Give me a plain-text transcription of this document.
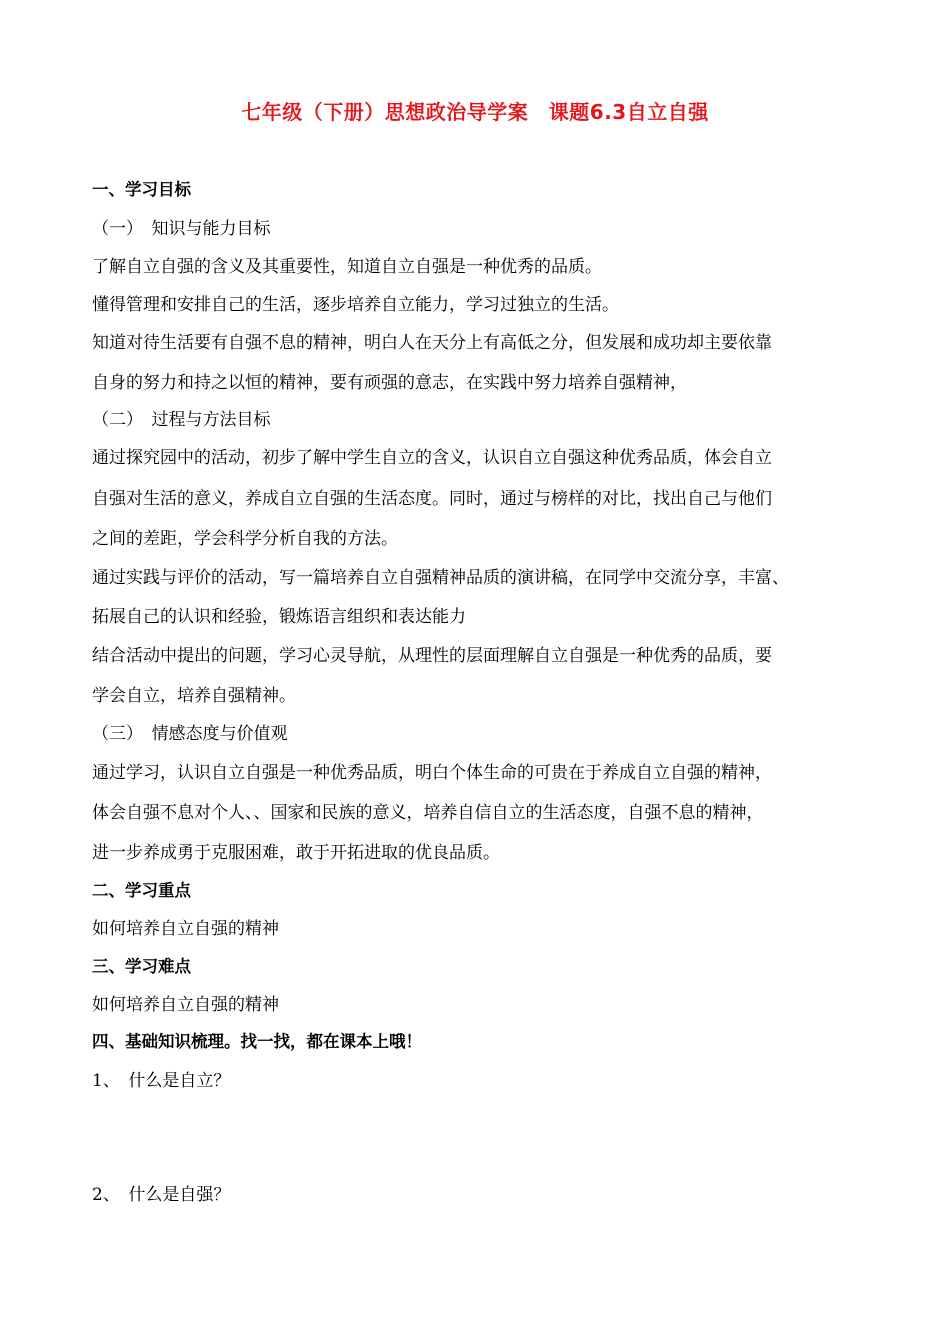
七年级（下册）思想政治导学案　课题6.3自立自强
一、学习目标
（一）　知识与能力目标
了解自立自强的含义及其重要性，知道自立自强是一种优秀的品质。
懂得管理和安排自己的生活，逐步培养自立能力，学习过独立的生活。
知道对待生活要有自强不息的精神，明白人在天分上有高低之分，但发展和成功却主要依靠
自身的努力和持之以恒的精神，要有顽强的意志，在实践中努力培养自强精神，
（二）　过程与方法目标
通过探究园中的活动，初步了解中学生自立的含义，认识自立自强这种优秀品质，体会自立
自强对生活的意义，养成自立自强的生活态度。同时，通过与榜样的对比，找出自己与他们
之间的差距，学会科学分析自我的方法。
通过实践与评价的活动，写一篇培养自立自强精神品质的演讲稿，在同学中交流分享，丰富、
拓展自己的认识和经验，锻炼语言组织和表达能力
结合活动中提出的问题，学习心灵导航，从理性的层面理解自立自强是一种优秀的品质，要
学会自立，培养自强精神。
（三）　情感态度与价值观
通过学习，认识自立自强是一种优秀品质，明白个体生命的可贵在于养成自立自强的精神，
体会自强不息对个人、、国家和民族的意义，培养自信自立的生活态度，自强不息的精神，
进一步养成勇于克服困难，敢于开拓进取的优良品质。
二、学习重点
如何培养自立自强的精神
三、学习难点
如何培养自立自强的精神
四、基础知识梳理。找一找，都在课本上哦！
1、　什么是自立？
2、　什么是自强？
